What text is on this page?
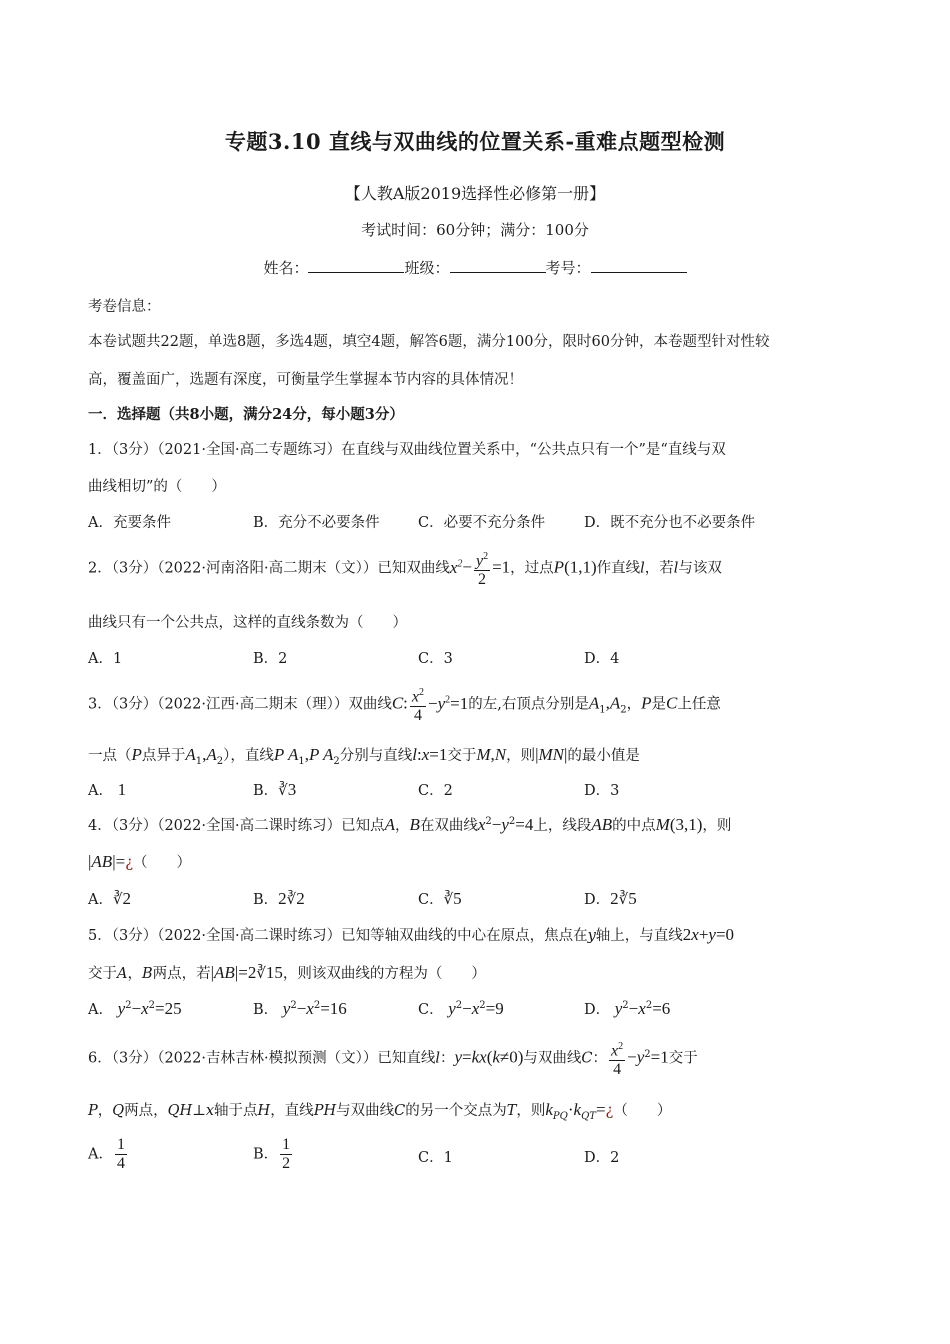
专题3.10 直线与双曲线的位置关系-重难点题型检测
【人教A版2019选择性必修第一册】
考试时间：60分钟；满分：100分
姓名：	班级：	考号：
考卷信息：
本卷试题共22题，单选8题，多选4题，填空4题，解答6题，满分100分，限时60分钟，本卷题型针对性较
高，覆盖面广，选题有深度，可衡量学生掌握本节内容的具体情况！
一．选择题（共8小题，满分24分，每小题3分）
1．（3分）（2021·全国·高二专题练习）在直线与双曲线位置关系中，“公共点只有一个”是“直线与双
曲线相切”的（　　）
A．充要条件	B．充分不必要条件	C．必要不充分条件	D．既不充分也不必要条件
2．（3分）（2022·河南洛阳·高二期末（文））已知双曲线$x^2- \frac{y^2}{2} =1$，过点P(1,1)作直线l，若l与该双
曲线只有一个公共点，这样的直线条数为（　　）
A．1	B．2	C．3	D．4
3．（3分）（2022·江西·高二期末（理））双曲线C: $\frac{x^2}{4} -y^2=1$的左,右顶点分别是$A_1,A_2$，P是C上任意
一点（P点异于$A_1,A_2$），直线P $A_1,P$ $A_2$分别与直线l:x=1交于M,N，则|MN|的最小值是
A． 1	B．∛3	C．2	D．3
4．（3分）（2022·全国·高二课时练习）已知点A，B在双曲线$x^2-y^2=4$上，线段AB的中点M(3,1)，则
|AB|=¿（　　）
A．∛2	B．2∛2	C．∛5	D．2∛5
5．（3分）（2022·全国·高二课时练习）已知等轴双曲线的中心在原点，焦点在y轴上，与直线2x+y=0
交于A，B两点，若|AB|=2∛15，则该双曲线的方程为（　　）
A． $y^2-x^2=25$	B． $y^2-x^2=16$	C． $y^2-x^2=9$	D． $y^2-x^2=6$
6．（3分）（2022·吉林吉林·模拟预测（文））已知直线l：y=kx(k≠0)与双曲线C： $\frac{x^2}{4} -y^2=1$交于
P，Q两点，QH⊥x轴于点H，直线PH与双曲线C的另一个交点为T，则$k_{PQ}\cdot k_{QT}=¿$（　　）
A． $\frac{1}{4}$	B． $\frac{1}{2}$	C．1	D．2
